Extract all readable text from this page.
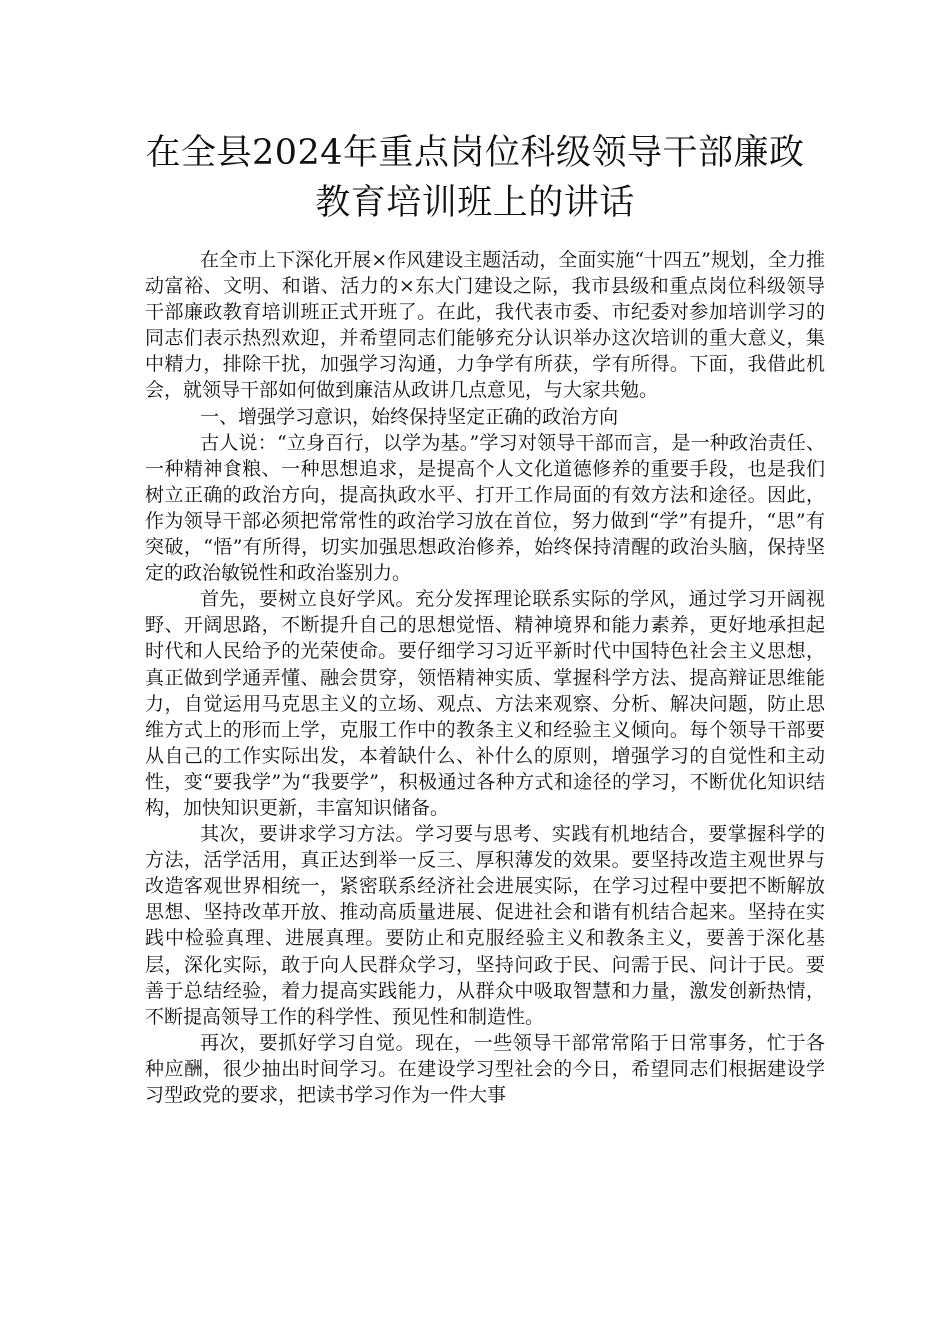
在全县2024年重点岗位科级领导干部廉政
教育培训班上的讲话

在全市上下深化开展×作风建设主题活动，全面实施“十四五”规划，全力推动富裕、文明、和谐、活力的×东大门建设之际，我市县级和重点岗位科级领导干部廉政教育培训班正式开班了。在此，我代表市委、市纪委对参加培训学习的同志们表示热烈欢迎，并希望同志们能够充分认识举办这次培训的重大意义，集中精力，排除干扰，加强学习沟通，力争学有所获，学有所得。下面，我借此机会，就领导干部如何做到廉洁从政讲几点意见，与大家共勉。

一、增强学习意识，始终保持坚定正确的政治方向

古人说：“立身百行，以学为基。”学习对领导干部而言，是一种政治责任、一种精神食粮、一种思想追求，是提高个人文化道德修养的重要手段，也是我们树立正确的政治方向，提高执政水平、打开工作局面的有效方法和途径。因此，作为领导干部必须把常常性的政治学习放在首位，努力做到“学”有提升，“思”有突破，“悟”有所得，切实加强思想政治修养，始终保持清醒的政治头脑，保持坚定的政治敏锐性和政治鉴别力。

首先，要树立良好学风。充分发挥理论联系实际的学风，通过学习开阔视野、开阔思路，不断提升自己的思想觉悟、精神境界和能力素养，更好地承担起时代和人民给予的光荣使命。要仔细学习习近平新时代中国特色社会主义思想，真正做到学通弄懂、融会贯穿，领悟精神实质、掌握科学方法、提高辩证思维能力，自觉运用马克思主义的立场、观点、方法来观察、分析、解决问题，防止思维方式上的形而上学，克服工作中的教条主义和经验主义倾向。每个领导干部要从自己的工作实际出发，本着缺什么、补什么的原则，增强学习的自觉性和主动性，变“要我学”为“我要学”，积极通过各种方式和途径的学习，不断优化知识结构，加快知识更新，丰富知识储备。

其次，要讲求学习方法。学习要与思考、实践有机地结合，要掌握科学的方法，活学活用，真正达到举一反三、厚积薄发的效果。要坚持改造主观世界与改造客观世界相统一，紧密联系经济社会进展实际，在学习过程中要把不断解放思想、坚持改革开放、推动高质量进展、促进社会和谐有机结合起来。坚持在实践中检验真理、进展真理。要防止和克服经验主义和教条主义，要善于深化基层，深化实际，敢于向人民群众学习，坚持问政于民、问需于民、问计于民。要善于总结经验，着力提高实践能力，从群众中吸取智慧和力量，激发创新热情，不断提高领导工作的科学性、预见性和制造性。

再次，要抓好学习自觉。现在，一些领导干部常常陷于日常事务，忙于各种应酬，很少抽出时间学习。在建设学习型社会的今日，希望同志们根据建设学习型政党的要求，把读书学习作为一件大事
